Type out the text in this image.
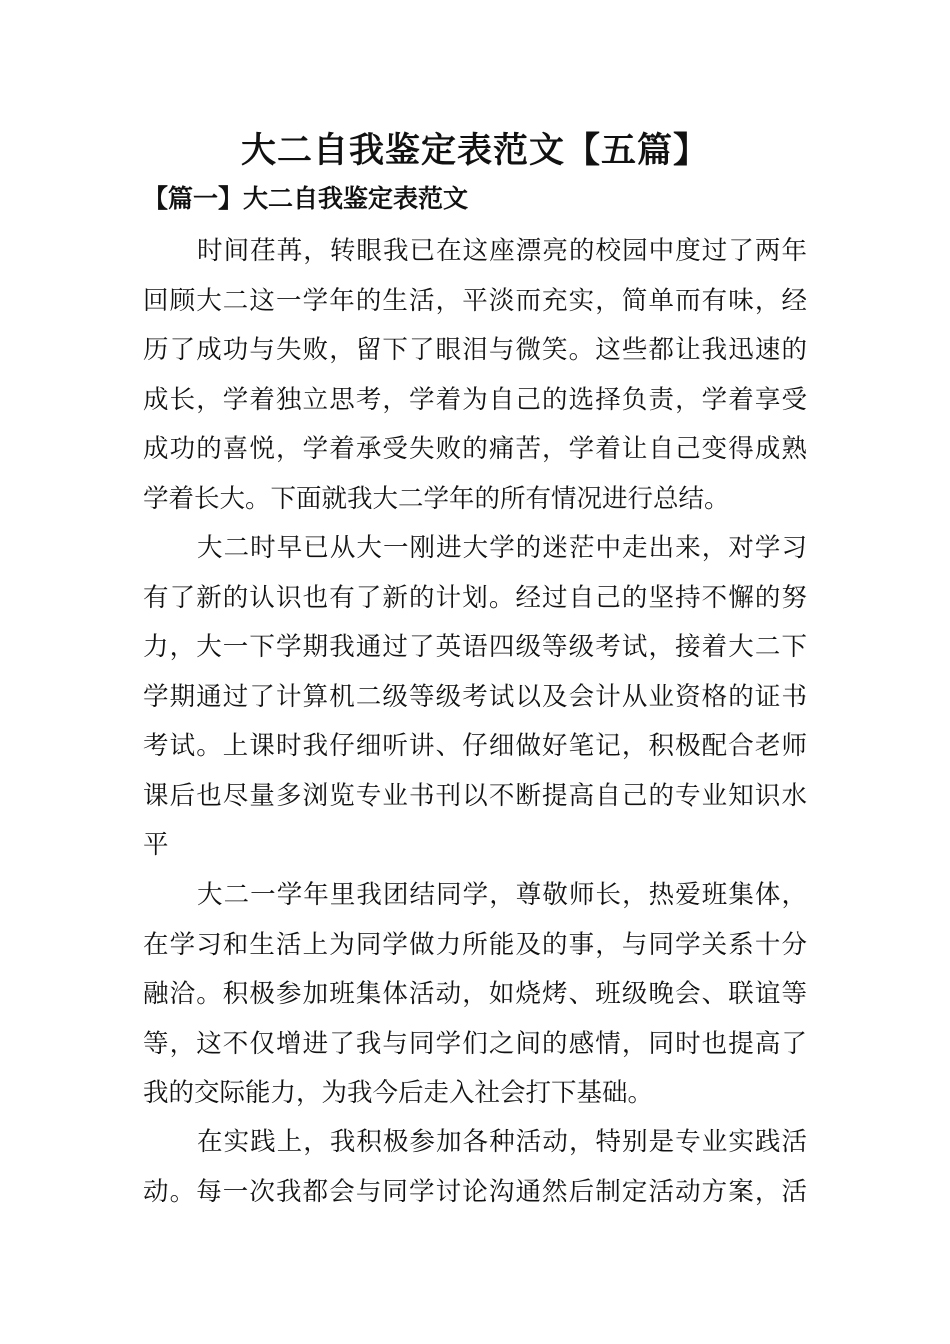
大二自我鉴定表范文【五篇】
【篇一】大二自我鉴定表范文
时间荏苒，转眼我已在这座漂亮的校园中度过了两年
回顾大二这一学年的生活，平淡而充实，简单而有味，经
历了成功与失败，留下了眼泪与微笑。这些都让我迅速的
成长，学着独立思考，学着为自己的选择负责，学着享受
成功的喜悦，学着承受失败的痛苦，学着让自己变得成熟
学着长大。下面就我大二学年的所有情况进行总结。
大二时早已从大一刚进大学的迷茫中走出来，对学习
有了新的认识也有了新的计划。经过自己的坚持不懈的努
力，大一下学期我通过了英语四级等级考试，接着大二下
学期通过了计算机二级等级考试以及会计从业资格的证书
考试。上课时我仔细听讲、仔细做好笔记，积极配合老师
课后也尽量多浏览专业书刊以不断提高自己的专业知识水
平
大二一学年里我团结同学，尊敬师长，热爱班集体，
在学习和生活上为同学做力所能及的事，与同学关系十分
融洽。积极参加班集体活动，如烧烤、班级晚会、联谊等
等，这不仅增进了我与同学们之间的感情，同时也提高了
我的交际能力，为我今后走入社会打下基础。
在实践上，我积极参加各种活动，特别是专业实践活
动。每一次我都会与同学讨论沟通然后制定活动方案，活
